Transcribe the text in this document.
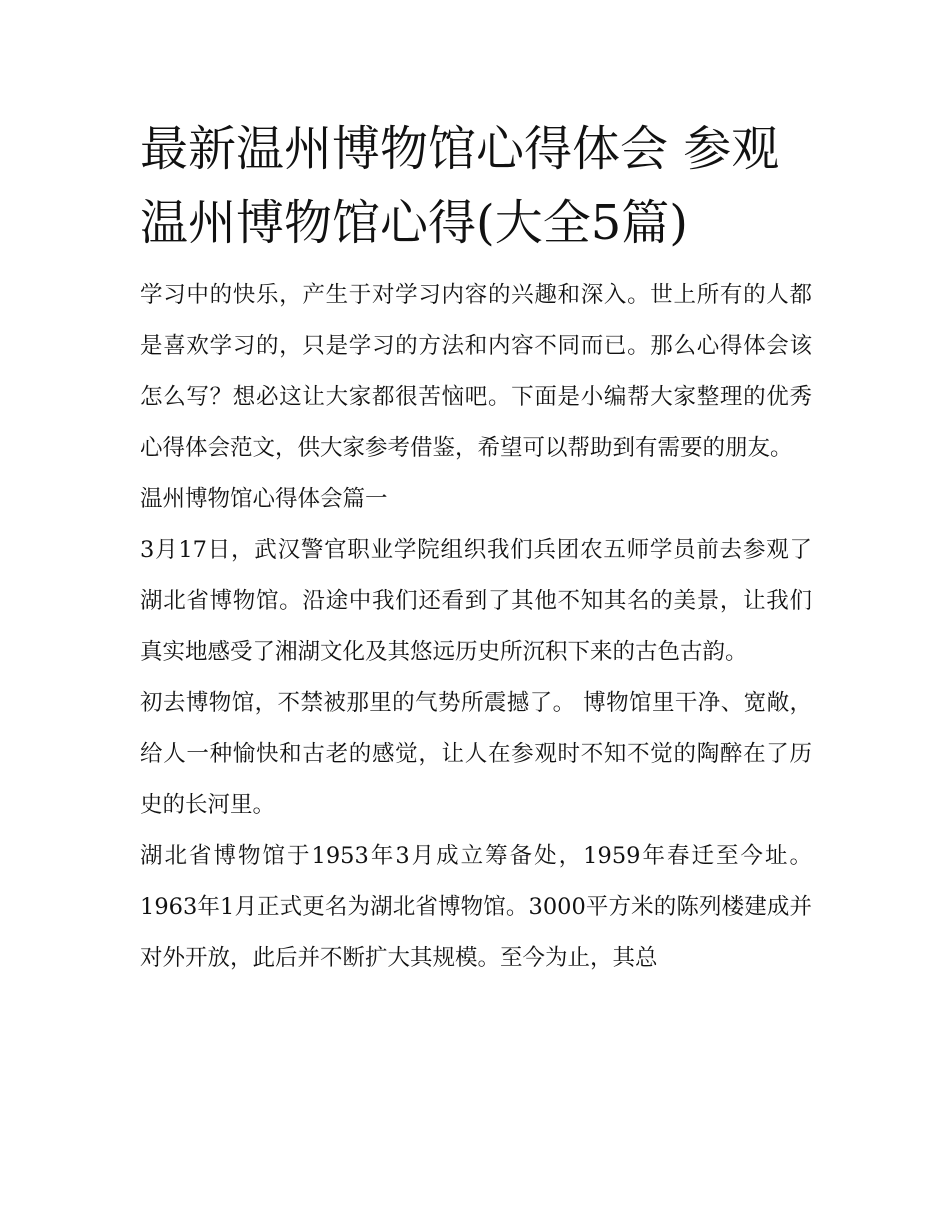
最新温州博物馆心得体会 参观温州博物馆心得(大全5篇)

学习中的快乐，产生于对学习内容的兴趣和深入。世上所有的人都是喜欢学习的，只是学习的方法和内容不同而已。那么心得体会该怎么写？想必这让大家都很苦恼吧。下面是小编帮大家整理的优秀心得体会范文，供大家参考借鉴，希望可以帮助到有需要的朋友。

温州博物馆心得体会篇一

3月17日，武汉警官职业学院组织我们兵团农五师学员前去参观了湖北省博物馆。沿途中我们还看到了其他不知其名的美景，让我们真实地感受了湘湖文化及其悠远历史所沉积下来的古色古韵。

初去博物馆，不禁被那里的气势所震撼了。 博物馆里干净、宽敞，给人一种愉快和古老的感觉，让人在参观时不知不觉的陶醉在了历史的长河里。

湖北省博物馆于1953年3月成立筹备处，1959年春迁至今址。1963年1月正式更名为湖北省博物馆。3000平方米的陈列楼建成并对外开放，此后并不断扩大其规模。至今为止，其总
